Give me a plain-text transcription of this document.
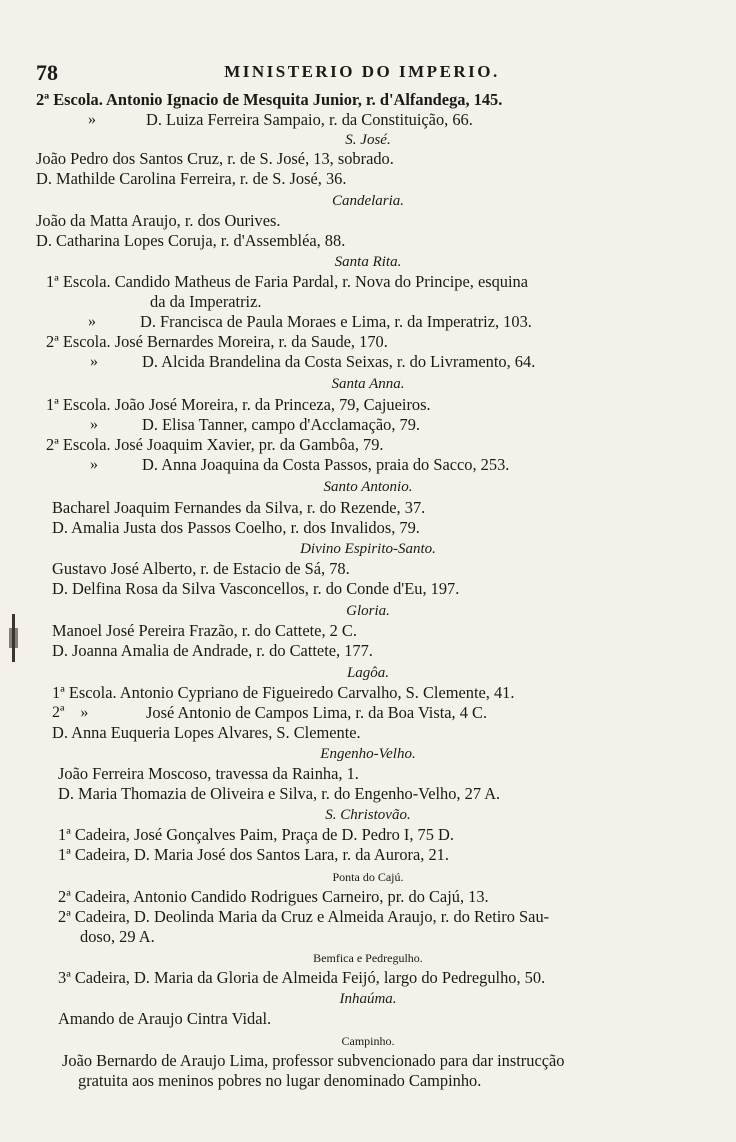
78	MINISTERIO DO IMPERIO.
2ª Escola. Antonio Ignacio de Mesquita Junior, r. d'Alfandega, 145.
»	D. Luiza Ferreira Sampaio, r. da Constituição, 66.
S. José.
João Pedro dos Santos Cruz, r. de S. José, 13, sobrado.
D. Mathilde Carolina Ferreira, r. de S. José, 36.
Candelaria.
João da Matta Araujo, r. dos Ourives.
D. Catharina Lopes Coruja, r. d'Assembléa, 88.
Santa Rita.
1ª Escola. Candido Matheus de Faria Pardal, r. Nova do Principe, esquina
da da Imperatriz.
»	D. Francisca de Paula Moraes e Lima, r. da Imperatriz, 103.
2ª Escola. José Bernardes Moreira, r. da Saude, 170.
»	D. Alcida Brandelina da Costa Seixas, r. do Livramento, 64.
Santa Anna.
1ª Escola. João José Moreira, r. da Princeza, 79, Cajueiros.
»	D. Elisa Tanner, campo d'Acclamação, 79.
2ª Escola. José Joaquim Xavier, pr. da Gambôa, 79.
»	D. Anna Joaquina da Costa Passos, praia do Sacco, 253.
Santo Antonio.
Bacharel Joaquim Fernandes da Silva, r. do Rezende, 37.
D. Amalia Justa dos Passos Coelho, r. dos Invalidos, 79.
Divino Espirito-Santo.
Gustavo José Alberto, r. de Estacio de Sá, 78.
D. Delfina Rosa da Silva Vasconcellos, r. do Conde d'Eu, 197.
Gloria.
Manoel José Pereira Frazão, r. do Cattete, 2 C.
D. Joanna Amalia de Andrade, r. do Cattete, 177.
Lagôa.
1ª Escola. Antonio Cypriano de Figueiredo Carvalho, S. Clemente, 41.
2ª    »	José Antonio de Campos Lima, r. da Boa Vista, 4 C.
D. Anna Euqueria Lopes Alvares, S. Clemente.
Engenho-Velho.
João Ferreira Moscoso, travessa da Rainha, 1.
D. Maria Thomazia de Oliveira e Silva, r. do Engenho-Velho, 27 A.
S. Christovão.
1ª Cadeira, José Gonçalves Paim, Praça de D. Pedro I, 75 D.
1ª Cadeira, D. Maria José dos Santos Lara, r. da Aurora, 21.
Ponta do Cajú.
2ª Cadeira, Antonio Candido Rodrigues Carneiro, pr. do Cajú, 13.
2ª Cadeira, D. Deolinda Maria da Cruz e Almeida Araujo, r. do Retiro Sau-
doso, 29 A.
Bemfica e Pedregulho.
3ª Cadeira, D. Maria da Gloria de Almeida Feijó, largo do Pedregulho, 50.
Inhaúma.
Amando de Araujo Cintra Vidal.
Campinho.
João Bernardo de Araujo Lima, professor subvencionado para dar instrucção
gratuita aos meninos pobres no lugar denominado Campinho.
